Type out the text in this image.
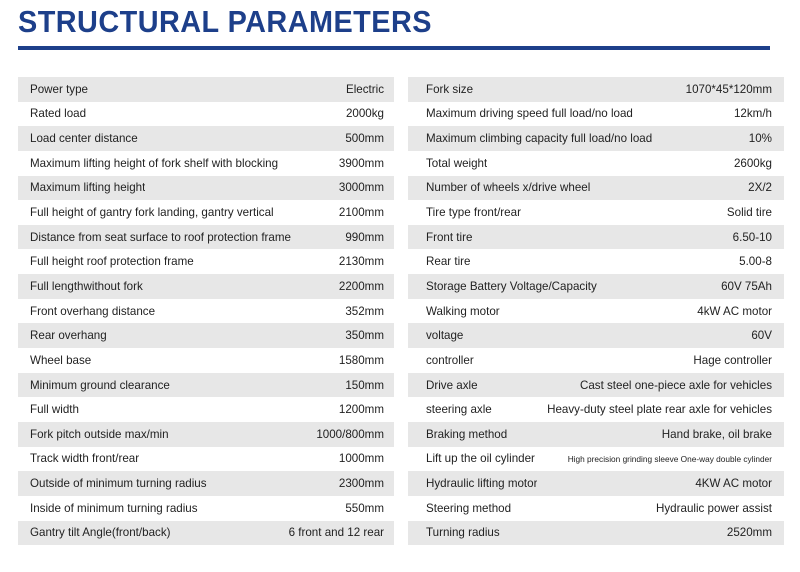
STRUCTURAL PARAMETERS
Power type	Electric
Rated load	2000kg
Load center distance	500mm
Maximum lifting height of fork shelf with blocking	3900mm
Maximum lifting height	3000mm
Full height of gantry fork landing, gantry vertical	2100mm
Distance from seat surface to roof protection frame	990mm
Full height roof protection frame	2130mm
Full lengthwithout fork	2200mm
Front overhang distance	352mm
Rear overhang	350mm
Wheel base	1580mm
Minimum ground clearance	150mm
Full width	1200mm
Fork pitch outside max/min	1000/800mm
Track width front/rear	1000mm
Outside of minimum turning radius	2300mm
Inside of minimum turning radius	550mm
Gantry tilt Angle(front/back)	6 front and 12 rear
Fork size	1070*45*120mm
Maximum driving speed full load/no load	12km/h
Maximum climbing capacity full load/no load	10%
Total weight	2600kg
Number of wheels x/drive wheel	2X/2
Tire type front/rear	Solid tire
Front tire	6.50-10
Rear tire	5.00-8
Storage Battery Voltage/Capacity	60V 75Ah
Walking motor	4kW AC motor
voltage	60V
controller	Hage controller
Drive axle	Cast steel one-piece axle for vehicles
steering axle	Heavy-duty steel plate rear axle for vehicles
Braking method	Hand brake, oil brake
Lift up the oil cylinder	High precision grinding sleeve One-way double cylinder
Hydraulic lifting motor	4KW AC motor
Steering method	Hydraulic power assist
Turning radius	2520mm
